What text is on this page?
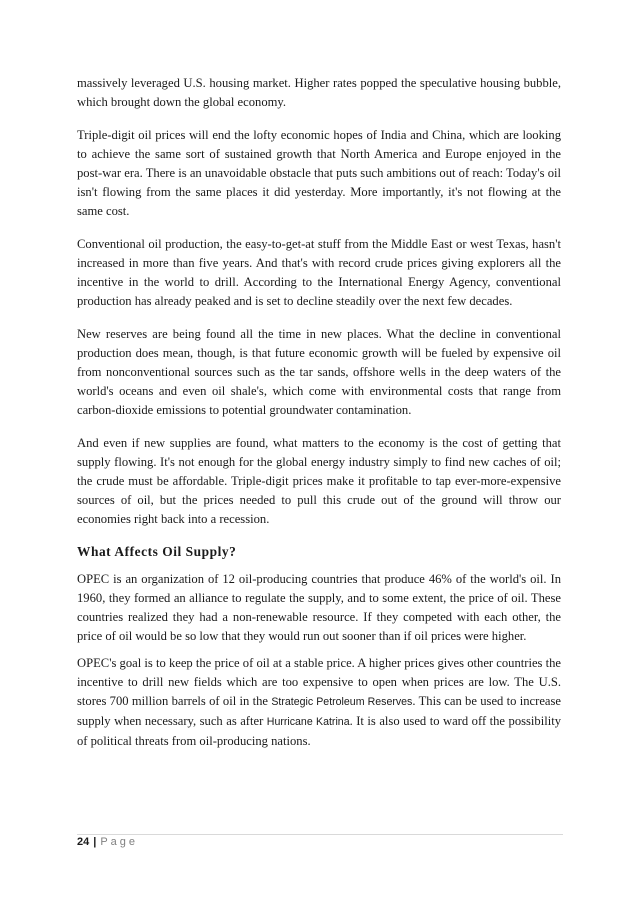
massively leveraged U.S. housing market. Higher rates popped the speculative housing bubble, which brought down the global economy.

Triple-digit oil prices will end the lofty economic hopes of India and China, which are looking to achieve the same sort of sustained growth that North America and Europe enjoyed in the post-war era. There is an unavoidable obstacle that puts such ambitions out of reach: Today's oil isn't flowing from the same places it did yesterday. More importantly, it's not flowing at the same cost.

Conventional oil production, the easy-to-get-at stuff from the Middle East or west Texas, hasn't increased in more than five years. And that's with record crude prices giving explorers all the incentive in the world to drill. According to the International Energy Agency, conventional production has already peaked and is set to decline steadily over the next few decades.

New reserves are being found all the time in new places. What the decline in conventional production does mean, though, is that future economic growth will be fueled by expensive oil from nonconventional sources such as the tar sands, offshore wells in the deep waters of the world's oceans and even oil shale's, which come with environmental costs that range from carbon-dioxide emissions to potential groundwater contamination.

And even if new supplies are found, what matters to the economy is the cost of getting that supply flowing. It's not enough for the global energy industry simply to find new caches of oil; the crude must be affordable. Triple-digit prices make it profitable to tap ever-more-expensive sources of oil, but the prices needed to pull this crude out of the ground will throw our economies right back into a recession.

What Affects Oil Supply?

OPEC is an organization of 12 oil-producing countries that produce 46% of the world's oil. In 1960, they formed an alliance to regulate the supply, and to some extent, the price of oil. These countries realized they had a non-renewable resource. If they competed with each other, the price of oil would be so low that they would run out sooner than if oil prices were higher.

OPEC's goal is to keep the price of oil at a stable price. A higher prices gives other countries the incentive to drill new fields which are too expensive to open when prices are low. The U.S. stores 700 million barrels of oil in the Strategic Petroleum Reserves. This can be used to increase supply when necessary, such as after Hurricane Katrina. It is also used to ward off the possibility of political threats from oil-producing nations.

24 | Page
